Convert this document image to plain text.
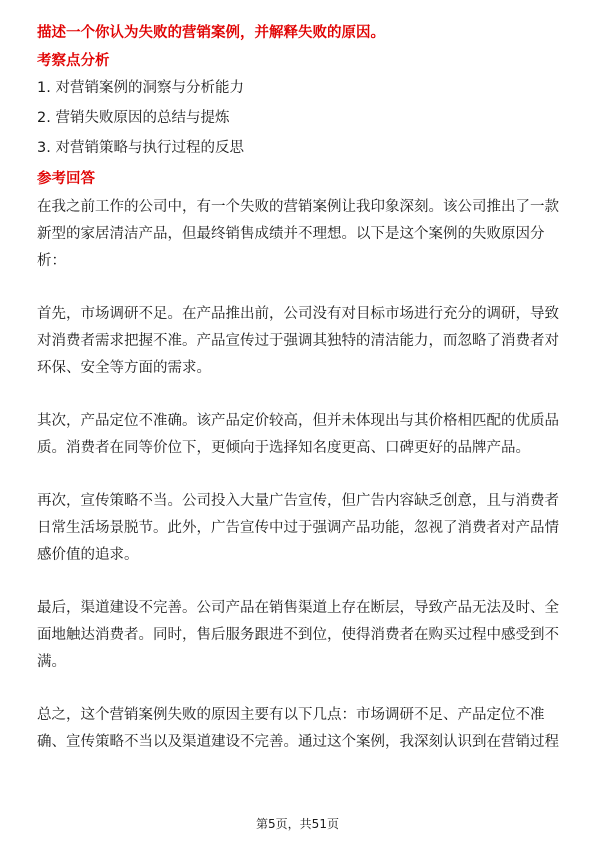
描述一个你认为失败的营销案例，并解释失败的原因。
考察点分析
1. 对营销案例的洞察与分析能力
2. 营销失败原因的总结与提炼
3. 对营销策略与执行过程的反思
参考回答

在我之前工作的公司中，有一个失败的营销案例让我印象深刻。该公司推出了一款新型的家居清洁产品，但最终销售成绩并不理想。以下是这个案例的失败原因分析：

首先，市场调研不足。在产品推出前，公司没有对目标市场进行充分的调研，导致对消费者需求把握不准。产品宣传过于强调其独特的清洁能力，而忽略了消费者对环保、安全等方面的需求。

其次，产品定位不准确。该产品定价较高，但并未体现出与其价格相匹配的优质品质。消费者在同等价位下，更倾向于选择知名度更高、口碑更好的品牌产品。

再次，宣传策略不当。公司投入大量广告宣传，但广告内容缺乏创意，且与消费者日常生活场景脱节。此外，广告宣传中过于强调产品功能，忽视了消费者对产品情感价值的追求。

最后，渠道建设不完善。公司产品在销售渠道上存在断层，导致产品无法及时、全面地触达消费者。同时，售后服务跟进不到位，使得消费者在购买过程中感受到不满。

总之，这个营销案例失败的原因主要有以下几点：市场调研不足、产品定位不准确、宣传策略不当以及渠道建设不完善。通过这个案例，我深刻认识到在营销过程

第5页，共51页
